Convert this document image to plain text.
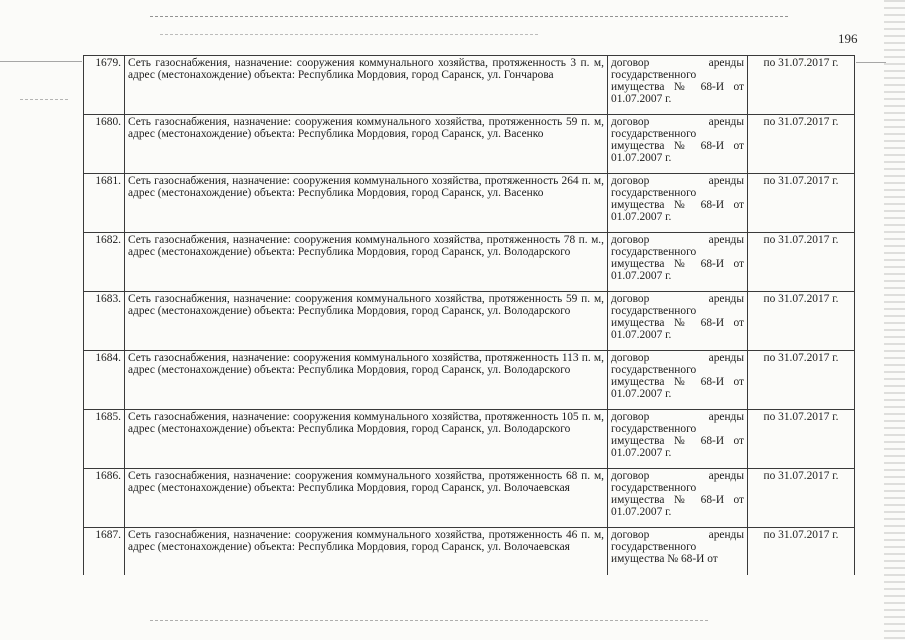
196
1679.	Сеть газоснабжения, назначение: сооружения коммунального хозяйства, протяженность 3 п. м, адрес (местонахождение) объекта: Республика Мордовия, город Саранск, ул. Гончарова	договор аренды государственного имущества № 68-И от 01.07.2007 г.	по 31.07.2017 г.
1680.	Сеть газоснабжения, назначение: сооружения коммунального хозяйства, протяженность 59 п. м, адрес (местонахождение) объекта: Республика Мордовия, город Саранск, ул. Васенко	договор аренды государственного имущества № 68-И от 01.07.2007 г.	по 31.07.2017 г.
1681.	Сеть газоснабжения, назначение: сооружения коммунального хозяйства, протяженность 264 п. м, адрес (местонахождение) объекта: Республика Мордовия, город Саранск, ул. Васенко	договор аренды государственного имущества № 68-И от 01.07.2007 г.	по 31.07.2017 г.
1682.	Сеть газоснабжения, назначение: сооружения коммунального хозяйства, протяженность 78 п. м., адрес (местонахождение) объекта: Республика Мордовия, город Саранск, ул. Володарского	договор аренды государственного имущества № 68-И от 01.07.2007 г.	по 31.07.2017 г.
1683.	Сеть газоснабжения, назначение: сооружения коммунального хозяйства, протяженность 59 п. м, адрес (местонахождение) объекта: Республика Мордовия, город Саранск, ул. Володарского	договор аренды государственного имущества № 68-И от 01.07.2007 г.	по 31.07.2017 г.
1684.	Сеть газоснабжения, назначение: сооружения коммунального хозяйства, протяженность 113 п. м, адрес (местонахождение) объекта: Республика Мордовия, город Саранск, ул. Володарского	договор аренды государственного имущества № 68-И от 01.07.2007 г.	по 31.07.2017 г.
1685.	Сеть газоснабжения, назначение: сооружения коммунального хозяйства, протяженность 105 п. м, адрес (местонахождение) объекта: Республика Мордовия, город Саранск, ул. Володарского	договор аренды государственного имущества № 68-И от 01.07.2007 г.	по 31.07.2017 г.
1686.	Сеть газоснабжения, назначение: сооружения коммунального хозяйства, протяженность 68 п. м, адрес (местонахождение) объекта: Республика Мордовия, город Саранск, ул. Волочаевская	договор аренды государственного имущества № 68-И от 01.07.2007 г.	по 31.07.2017 г.
1687.	Сеть газоснабжения, назначение: сооружения коммунального хозяйства, протяженность 46 п. м, адрес (местонахождение) объекта: Республика Мордовия, город Саранск, ул. Волочаевская	договор аренды государственного имущества № 68-И от	по 31.07.2017 г.
